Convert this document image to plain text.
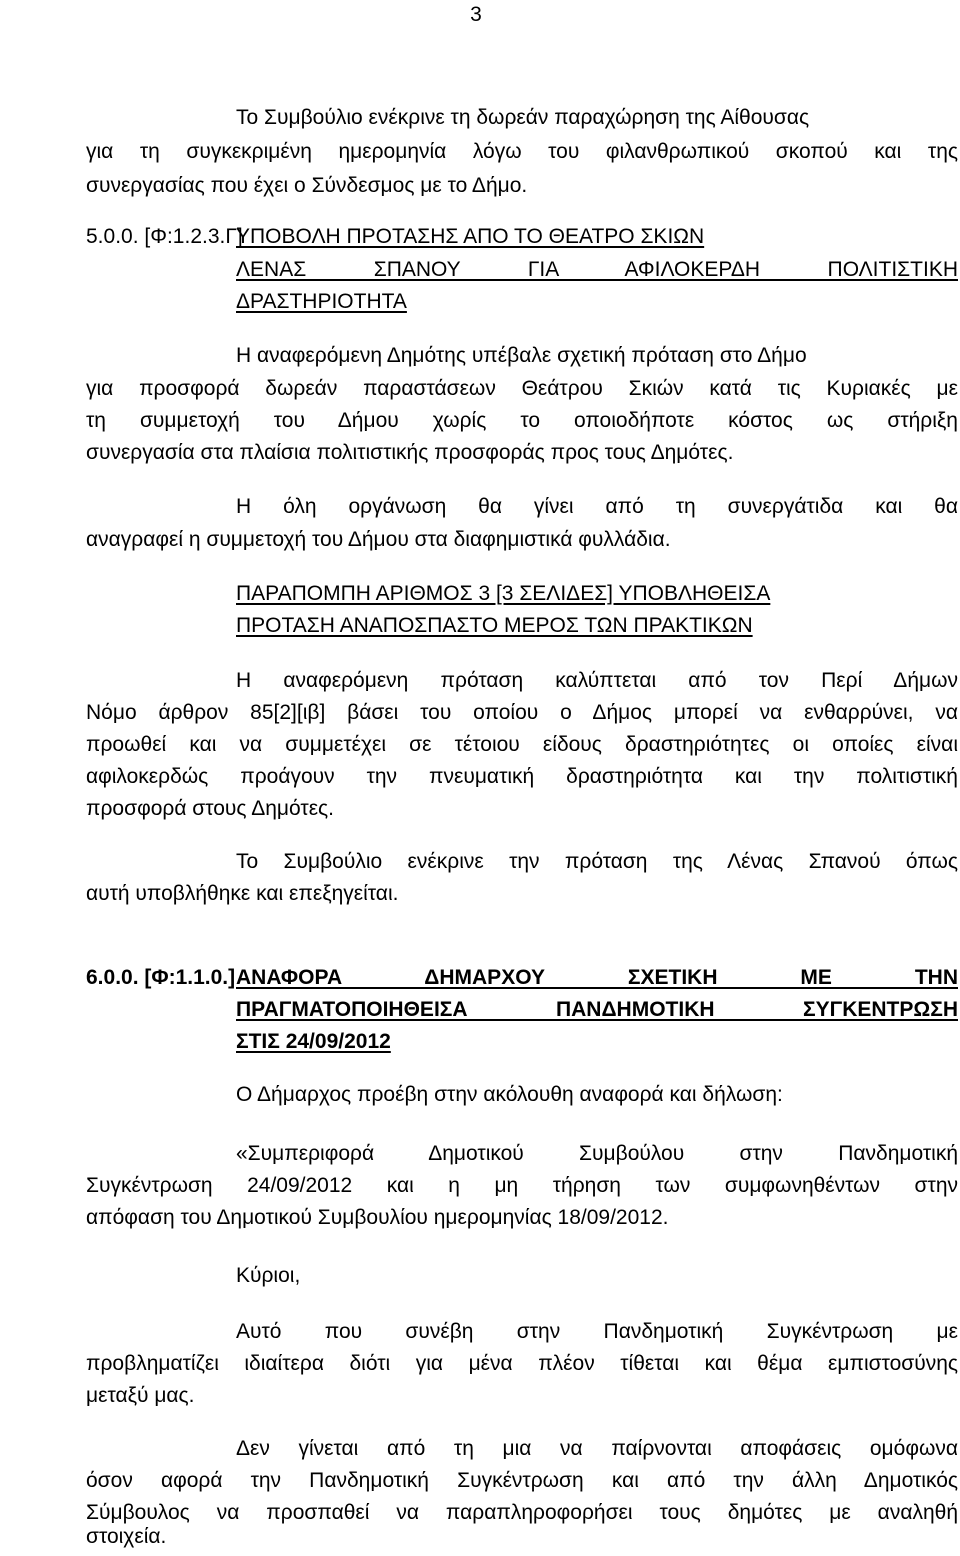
3
Το Συμβούλιο ενέκρινε τη δωρεάν παραχώρηση της Αίθουσας
για τη συγκεκριμένη ημερομηνία λόγω του φιλανθρωπικού σκοπού και της
συνεργασίας που έχει ο Σύνδεσμος με το Δήμο.
5.0.0. [Φ:1.2.3.Γ]
ΥΠΟΒΟΛΗ ΠΡΟΤΑΣΗΣ ΑΠΟ ΤΟ ΘΕΑΤΡΟ ΣΚΙΩΝ
ΛΕΝΑΣ ΣΠΑΝΟΥ ΓΙΑ ΑΦΙΛΟΚΕΡΔΗ ΠΟΛΙΤΙΣΤΙΚΗ
ΔΡΑΣΤΗΡΙΟΤΗΤΑ
Η αναφερόμενη Δημότης υπέβαλε σχετική πρόταση στο Δήμο
για προσφορά δωρεάν παραστάσεων Θεάτρου Σκιών κατά τις Κυριακές με
τη συμμετοχή του Δήμου χωρίς το οποιοδήποτε κόστος ως στήριξη
συνεργασία στα πλαίσια πολιτιστικής προσφοράς προς τους Δημότες.
Η όλη οργάνωση θα γίνει από τη συνεργάτιδα και θα
αναγραφεί η συμμετοχή του Δήμου στα διαφημιστικά φυλλάδια.
ΠΑΡΑΠΟΜΠΗ ΑΡΙΘΜΟΣ 3 [3 ΣΕΛΙΔΕΣ] ΥΠΟΒΛΗΘΕΙΣΑ
ΠΡΟΤΑΣΗ ΑΝΑΠΟΣΠΑΣΤΟ ΜΕΡΟΣ ΤΩΝ ΠΡΑΚΤΙΚΩΝ
Η αναφερόμενη πρόταση καλύπτεται από τον Περί Δήμων
Νόμο άρθρον 85[2][ιβ] βάσει του οποίου ο Δήμος μπορεί να ενθαρρύνει, να
προωθεί και να συμμετέχει σε τέτοιου είδους δραστηριότητες οι οποίες είναι
αφιλοκερδώς προάγουν την πνευματική δραστηριότητα και την πολιτιστική
προσφορά στους Δημότες.
Το Συμβούλιο ενέκρινε την πρόταση της Λένας Σπανού όπως
αυτή υποβλήθηκε και επεξηγείται.
6.0.0. [Φ:1.1.0.] ΑΝΑΦΟΡΑ ΔΗΜΑΡΧΟΥ ΣΧΕΤΙΚΗ ΜΕ ΤΗΝ
ΠΡΑΓΜΑΤΟΠΟΙΗΘΕΙΣΑ ΠΑΝΔΗΜΟΤΙΚΗ ΣΥΓΚΕΝΤΡΩΣΗ
ΣΤΙΣ 24/09/2012
Ο Δήμαρχος προέβη στην ακόλουθη αναφορά και δήλωση:
«Συμπεριφορά Δημοτικού Συμβούλου στην Πανδημοτική
Συγκέντρωση 24/09/2012 και η μη τήρηση των συμφωνηθέντων στην
απόφαση του Δημοτικού Συμβουλίου ημερομηνίας 18/09/2012.
Κύριοι,
Αυτό που συνέβη στην Πανδημοτική Συγκέντρωση με
προβληματίζει ιδιαίτερα διότι για μένα πλέον τίθεται και θέμα εμπιστοσύνης
μεταξύ μας.
Δεν γίνεται από τη μια να παίρνονται αποφάσεις ομόφωνα
όσον αφορά την Πανδημοτική Συγκέντρωση και από την άλλη Δημοτικός
Σύμβουλος να προσπαθεί να παραπληροφορήσει τους δημότες με αναληθή
στοιχεία.
